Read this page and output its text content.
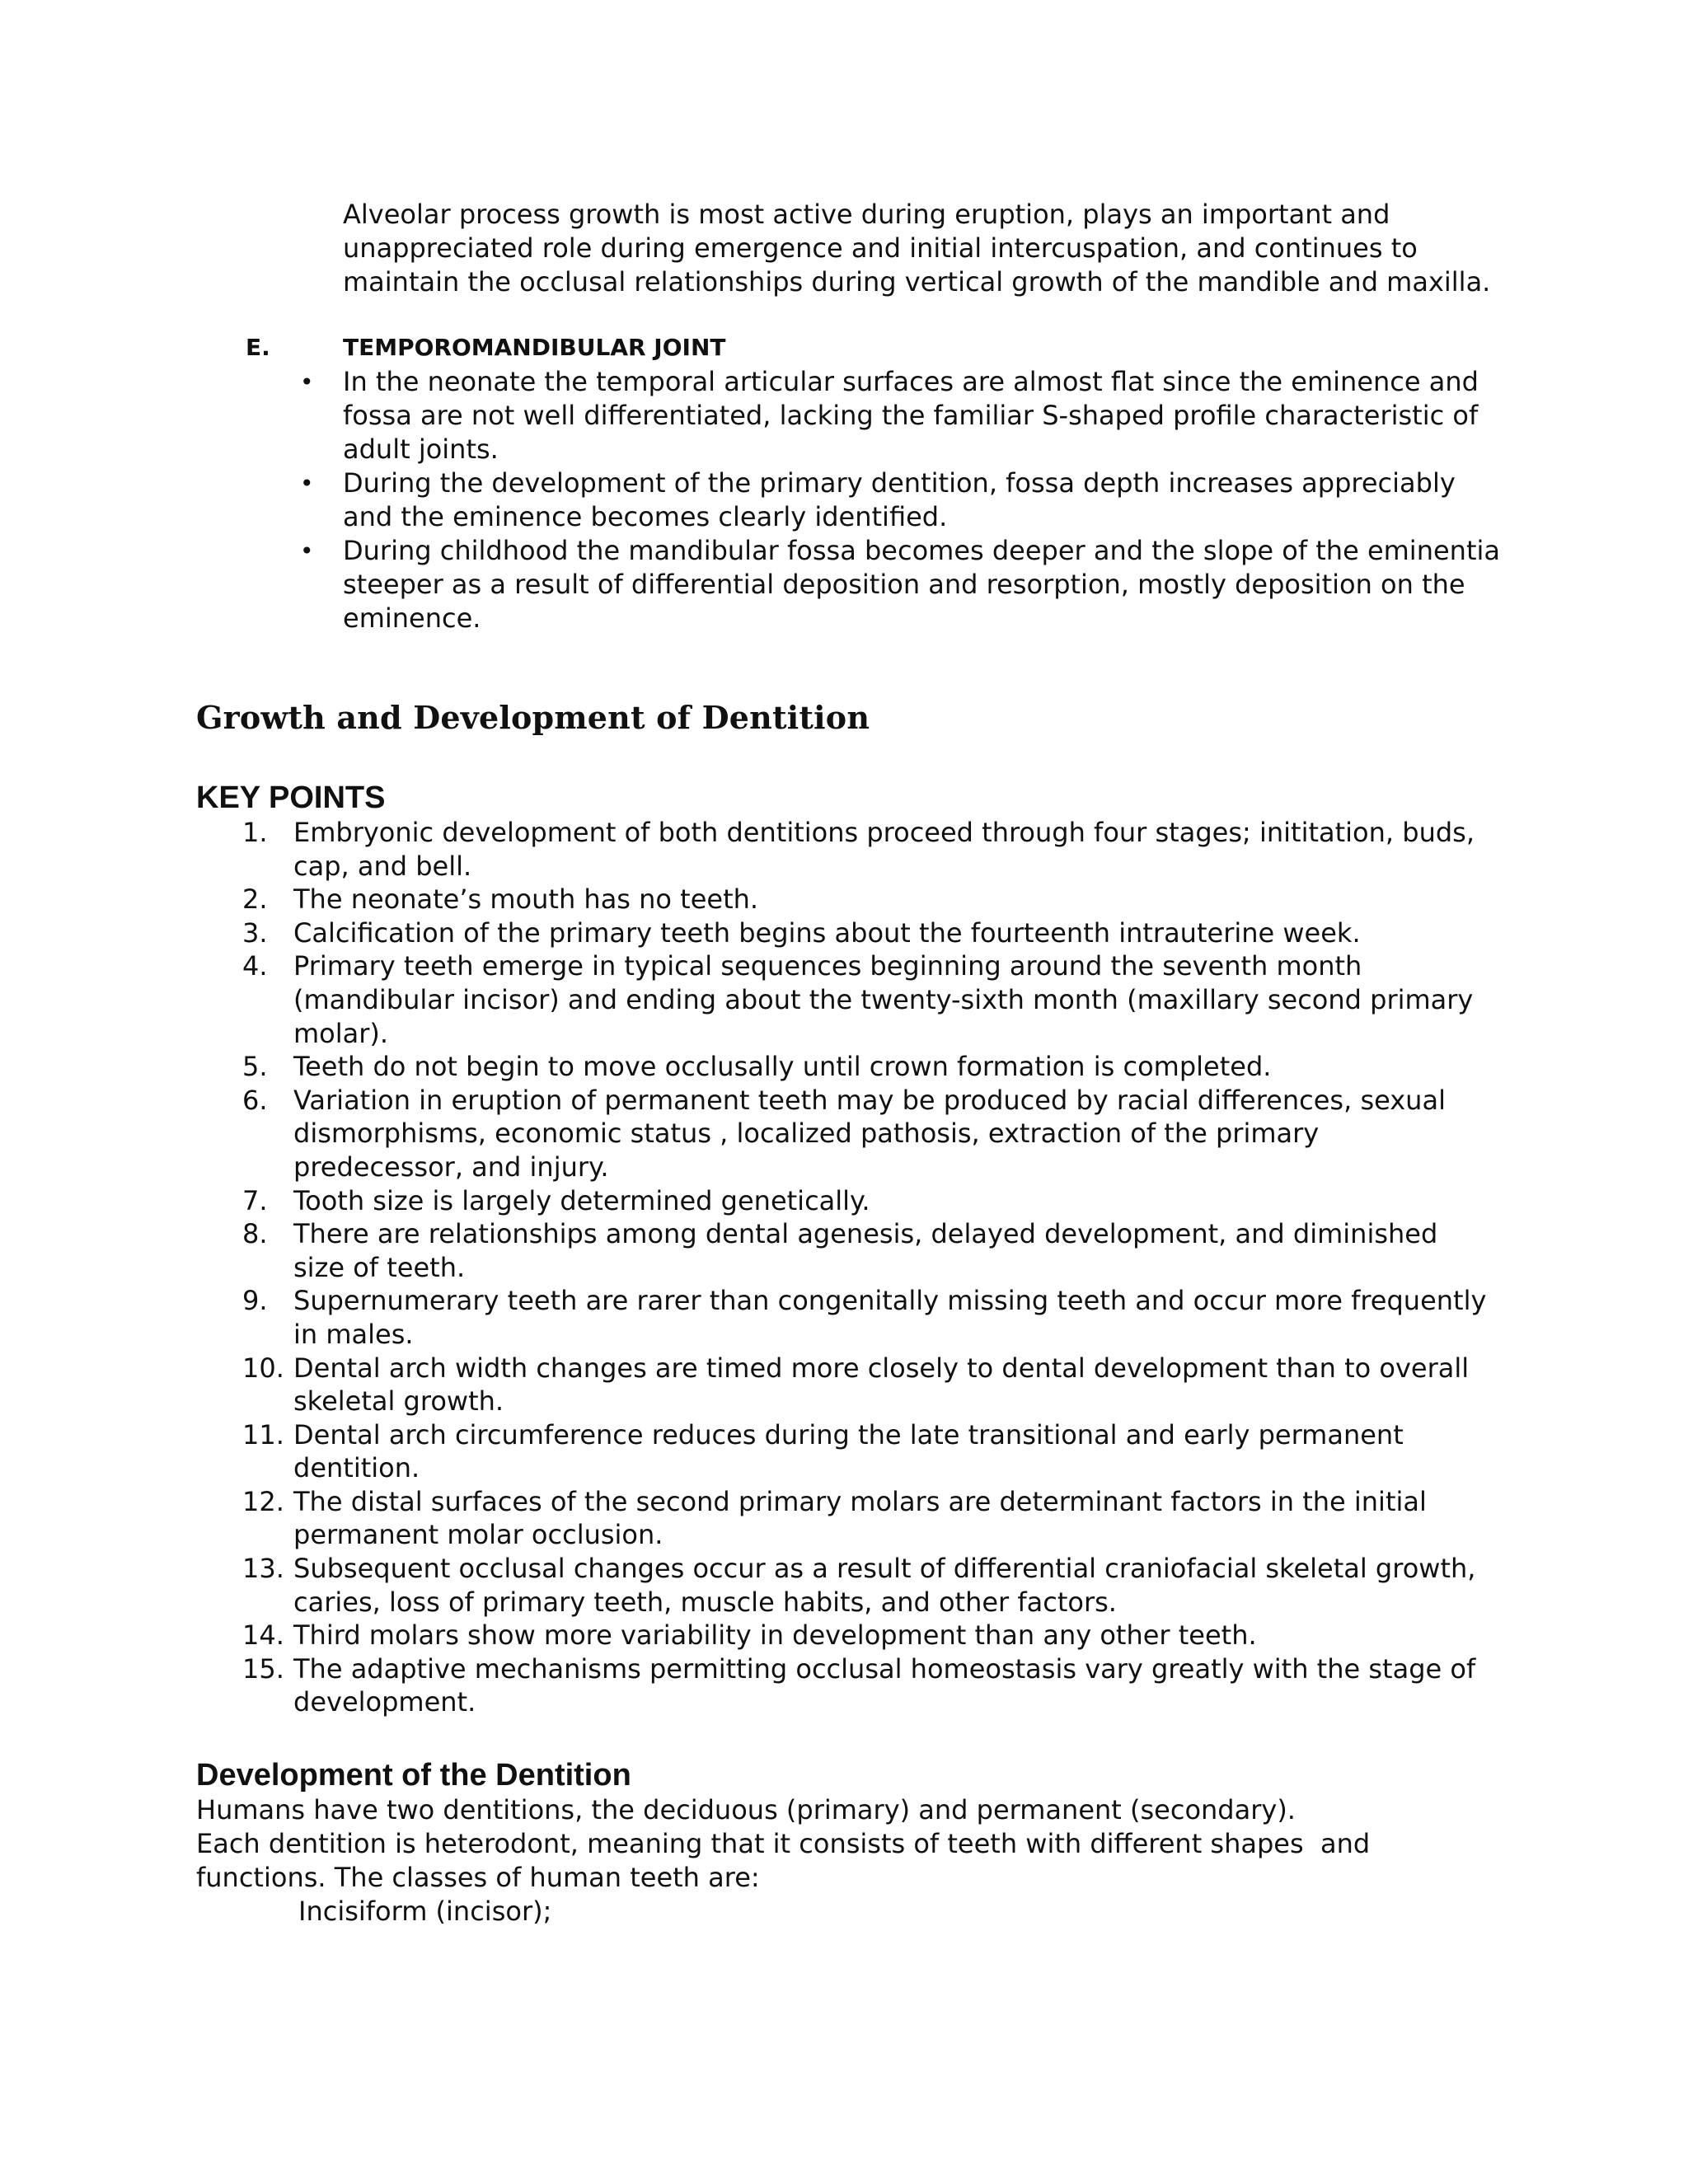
Alveolar process growth is most active during eruption, plays an important and unappreciated role during emergence and initial intercuspation, and continues to maintain the occlusal relationships during vertical growth of the mandible and maxilla.

E.	TEMPOROMANDIBULAR JOINT
• In the neonate the temporal articular surfaces are almost flat since the eminence and fossa are not well differentiated, lacking the familiar S-shaped profile characteristic of adult joints.
• During the development of the primary dentition, fossa depth increases appreciably and the eminence becomes clearly identified.
• During childhood the mandibular fossa becomes deeper and the slope of the eminentia steeper as a result of differential deposition and resorption, mostly deposition on the eminence.
Growth and Development of Dentition
KEY POINTS
1. Embryonic development of both dentitions proceed through four stages; inititation, buds, cap, and bell.
2. The neonate’s mouth has no teeth.
3. Calcification of the primary teeth begins about the fourteenth intrauterine week.
4. Primary teeth emerge in typical sequences beginning around the seventh month (mandibular incisor) and ending about the twenty-sixth month (maxillary second primary molar).
5. Teeth do not begin to move occlusally until crown formation is completed.
6. Variation in eruption of permanent teeth may be produced by racial differences, sexual dismorphisms, economic status , localized pathosis, extraction of the primary predecessor, and injury.
7. Tooth size is largely determined genetically.
8. There are relationships among dental agenesis, delayed development, and diminished size of teeth.
9. Supernumerary teeth are rarer than congenitally missing teeth and occur more frequently in males.
10. Dental arch width changes are timed more closely to dental development than to overall skeletal growth.
11. Dental arch circumference reduces during the late transitional and early permanent dentition.
12. The distal surfaces of the second primary molars are determinant factors in the initial permanent molar occlusion.
13. Subsequent occlusal changes occur as a result of differential craniofacial skeletal growth, caries, loss of primary teeth, muscle habits, and other factors.
14. Third molars show more variability in development than any other teeth.
15. The adaptive mechanisms permitting occlusal homeostasis vary greatly with the stage of development.
Development of the Dentition

Humans have two dentitions, the deciduous (primary) and permanent (secondary).
Each dentition is heterodont, meaning that it consists of teeth with different shapes  and
functions. The classes of human teeth are:

Incisiform (incisor);
